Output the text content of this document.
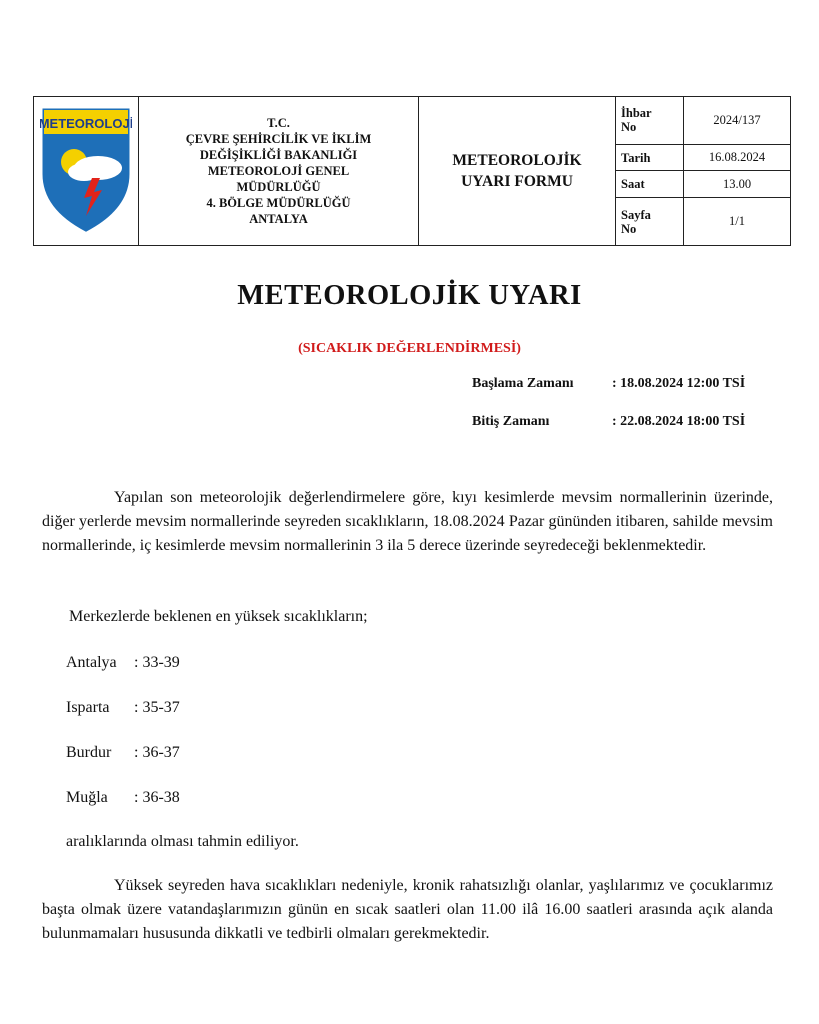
METEOROLOJİ	T.C.
ÇEVRE ŞEHİRCİLİK VE İKLİM
DEĞİŞİKLİĞİ BAKANLIĞI
METEOROLOJİ GENEL
MÜDÜRLÜĞÜ
4. BÖLGE MÜDÜRLÜĞÜ
ANTALYA

METEOROLOJİK
UYARI FORMU

İhbar
No
	2024/137

Tarih	16.08.2024

Saat	13.00

Sayfa
No
	1/1
METEOROLOJİK UYARI
(SICAKLIK DEĞERLENDİRMESİ)
Başlama Zamanı	: 18.08.2024 12:00 TSİ
Bitiş Zamanı	: 22.08.2024 18:00 TSİ

Yapılan son meteorolojik değerlendirmelere göre, kıyı kesimlerde mevsim normallerinin üzerinde, diğer yerlerde mevsim normallerinde seyreden sıcaklıkların, 18.08.2024 Pazar gününden itibaren, sahilde mevsim normallerinde, iç kesimlerde mevsim normallerinin 3 ila 5 derece üzerinde seyredeceği beklenmektedir.

Merkezlerde beklenen en yüksek sıcaklıkların;

Antalya : 33-39
Isparta : 35-37
Burdur : 36-37
Muğla : 36-38

aralıklarında olması tahmin ediliyor.

Yüksek seyreden hava sıcaklıkları nedeniyle, kronik rahatsızlığı olanlar, yaşlılarımız ve çocuklarımız başta olmak üzere vatandaşlarımızın günün en sıcak saatleri olan 11.00 ilâ 16.00 saatleri arasında açık alanda bulunmamaları hususunda dikkatli ve tedbirli olmaları gerekmektedir.
